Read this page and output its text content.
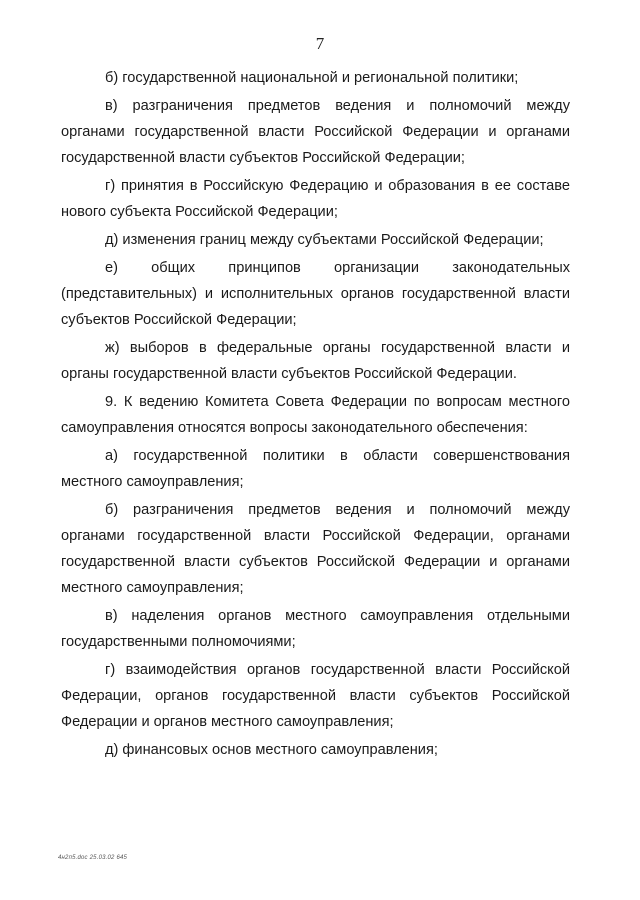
7

б) государственной национальной и региональной политики;

в) разграничения предметов ведения и полномочий между органами государственной власти Российской Федерации и органами государственной власти субъектов Российской Федерации;

г) принятия в Российскую Федерацию и образования в ее составе нового субъекта Российской Федерации;

д) изменения границ между субъектами Российской Федерации;

е) общих принципов организации законодательных (представительных) и исполнительных органов государственной власти субъектов Российской Федерации;

ж) выборов в федеральные органы государственной власти и органы государственной власти субъектов Российской Федерации.

9. К ведению Комитета Совета Федерации по вопросам местного самоуправления относятся вопросы законодательного обеспечения:

а) государственной политики в области совершенствования местного самоуправления;

б) разграничения предметов ведения и полномочий между органами государственной власти Российской Федерации, органами государственной власти субъектов Российской Федерации и органами местного самоуправления;

в) наделения органов местного самоуправления отдельными государственными полномочиями;

г) взаимодействия органов государственной власти Российской Федерации, органов государственной власти субъектов Российской Федерации и органов местного самоуправления;

д) финансовых основ местного самоуправления;

4н2п5.doc 25.03.02 645
